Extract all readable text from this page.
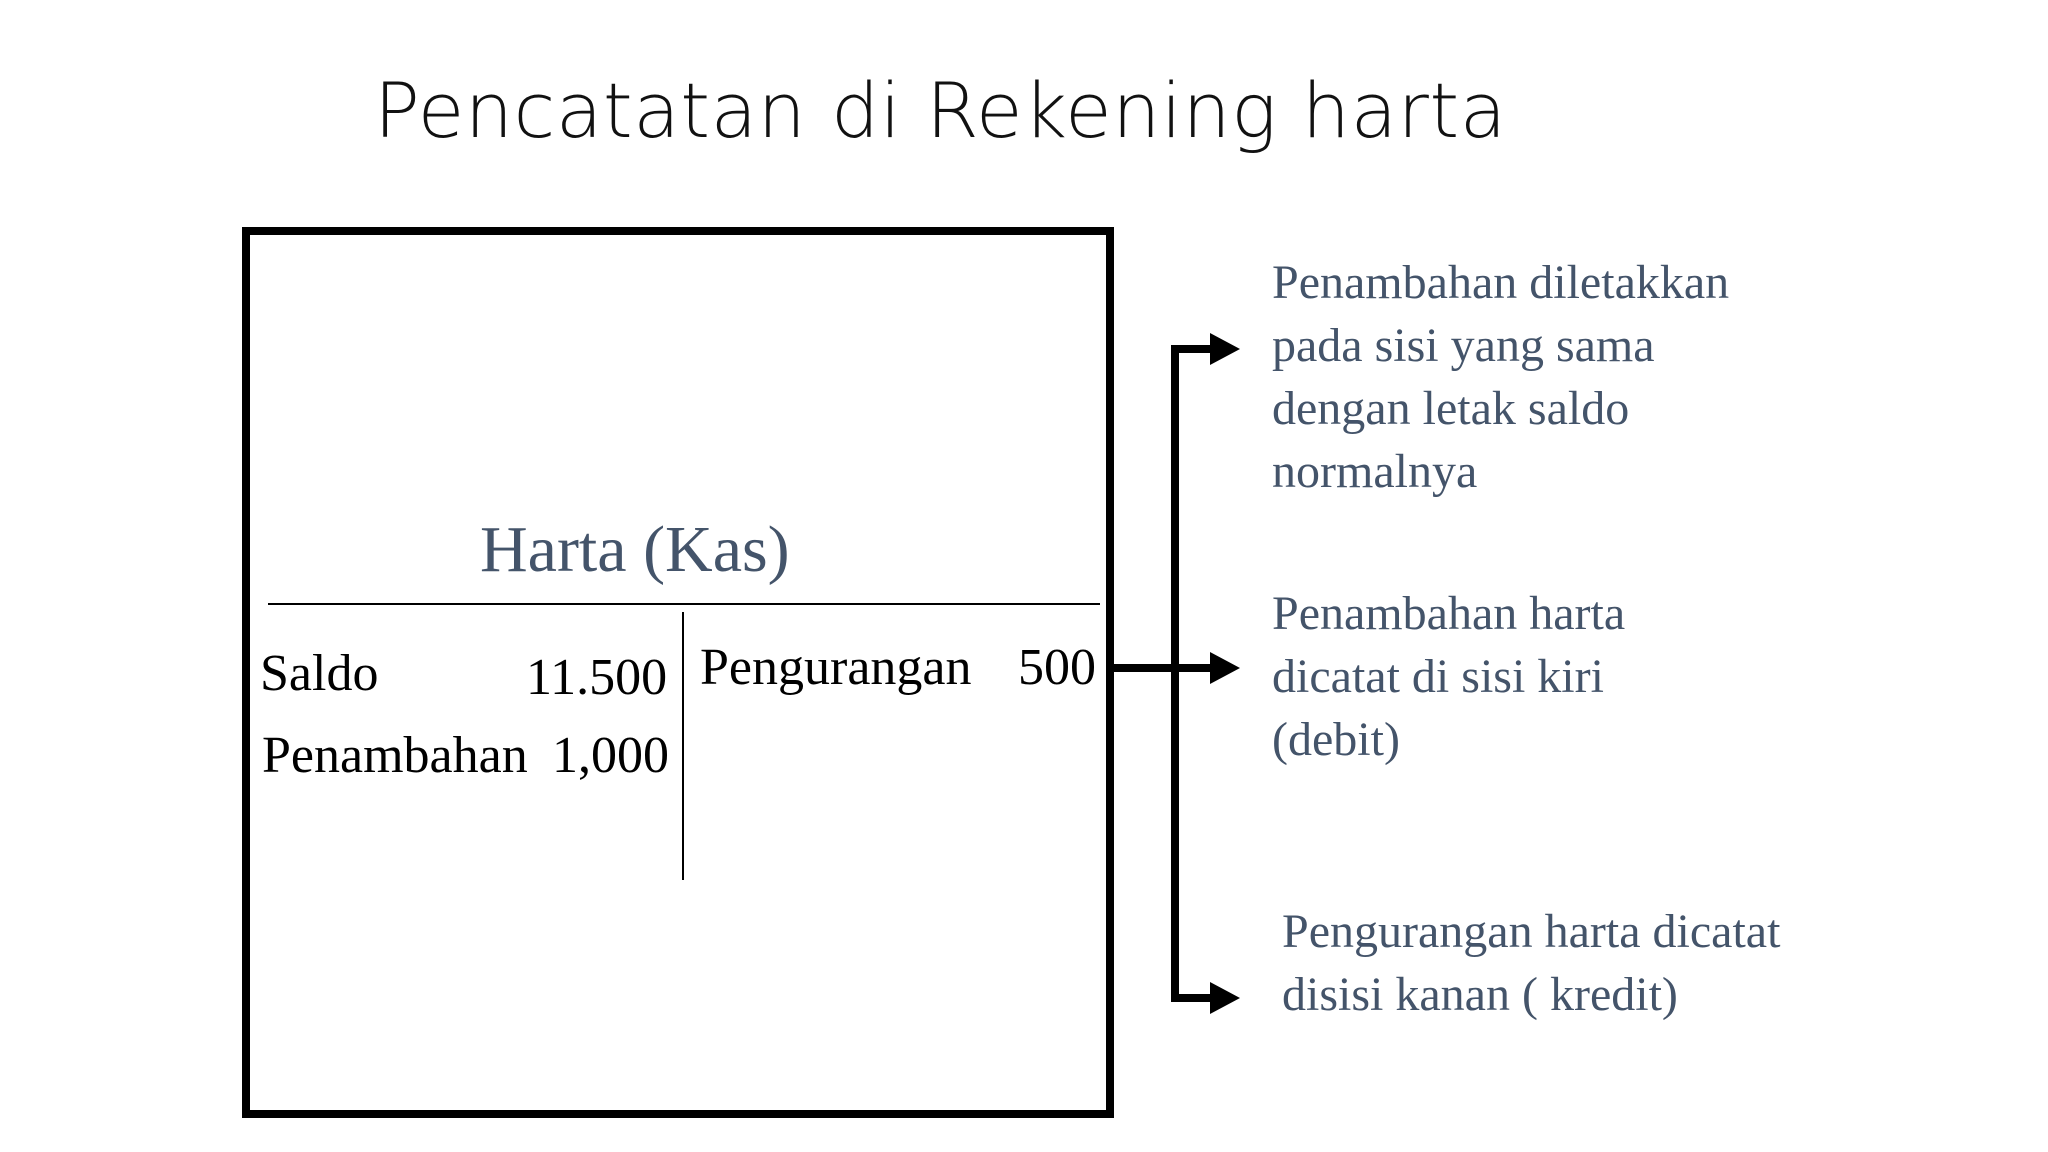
Pencatatan di Rekening harta
Harta (Kas)
Saldo	11.500
Penambahan 1,000
Pengurangan 500
Penambahan diletakkan
pada sisi yang sama
dengan letak saldo
normalnya
Penambahan harta
dicatat di sisi kiri
(debit)
Pengurangan harta dicatat
disisi kanan ( kredit)
